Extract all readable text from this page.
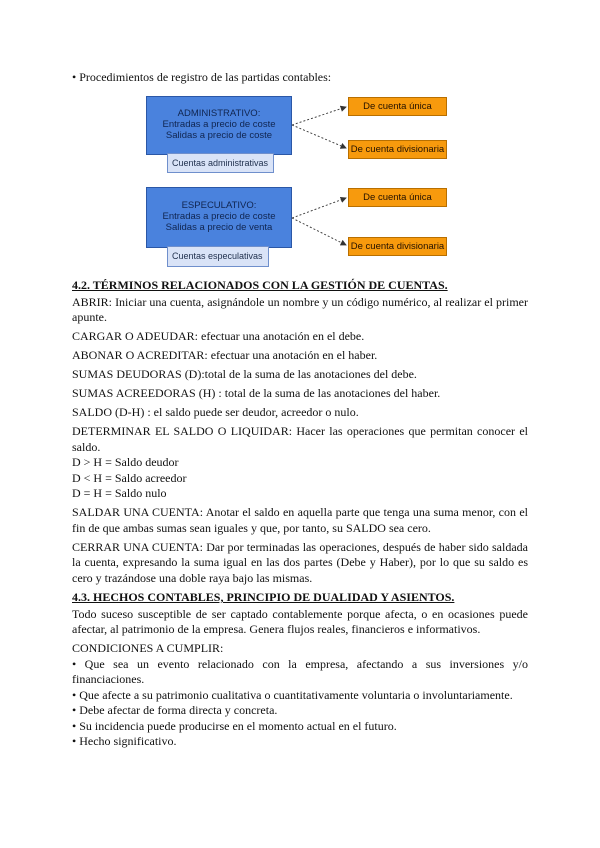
• Procedimientos de registro de las partidas contables:
ADMINISTRATIVO:
Entradas a precio de coste
Salidas a precio de coste
Cuentas administrativas
De cuenta única
De cuenta divisionaria
ESPECULATIVO:
Entradas a precio de coste
Salidas a precio de venta
Cuentas especulativas
De cuenta única
De cuenta divisionaria

4.2. TÉRMINOS RELACIONADOS CON LA GESTIÓN DE CUENTAS.

ABRIR: Iniciar una cuenta, asignándole un nombre y un código numérico, al realizar el primer apunte.

CARGAR O ADEUDAR: efectuar una anotación en el debe.

ABONAR O ACREDITAR: efectuar una anotación en el haber.

SUMAS DEUDORAS (D):total de la suma de las anotaciones del debe.

SUMAS ACREEDORAS (H) : total de la suma de las anotaciones del haber.

SALDO (D-H) : el saldo puede ser deudor, acreedor o nulo.

DETERMINAR EL SALDO O LIQUIDAR: Hacer las operaciones que permitan conocer el saldo.

D > H = Saldo deudor

D < H = Saldo acreedor

D = H = Saldo nulo

SALDAR UNA CUENTA: Anotar el saldo en aquella parte que tenga una suma menor, con el fin de que ambas sumas sean iguales y que, por tanto, su SALDO sea cero.

CERRAR UNA CUENTA: Dar por terminadas las operaciones, después de haber sido saldada la cuenta, expresando la suma igual en las dos partes (Debe y Haber), por lo que su saldo es cero y trazándose una doble raya bajo las mismas.

4.3. HECHOS CONTABLES, PRINCIPIO DE DUALIDAD Y ASIENTOS.

Todo suceso susceptible de ser captado contablemente porque afecta, o en ocasiones puede afectar, al patrimonio de la empresa. Genera flujos reales, financieros e informativos.

CONDICIONES A CUMPLIR:

• Que sea un evento relacionado con la empresa, afectando a sus inversiones y/o financiaciones.

• Que afecte a su patrimonio cualitativa o cuantitativamente voluntaria o involuntariamente.

• Debe afectar de forma directa y concreta.

• Su incidencia puede producirse en el momento actual en el futuro.

• Hecho significativo.
